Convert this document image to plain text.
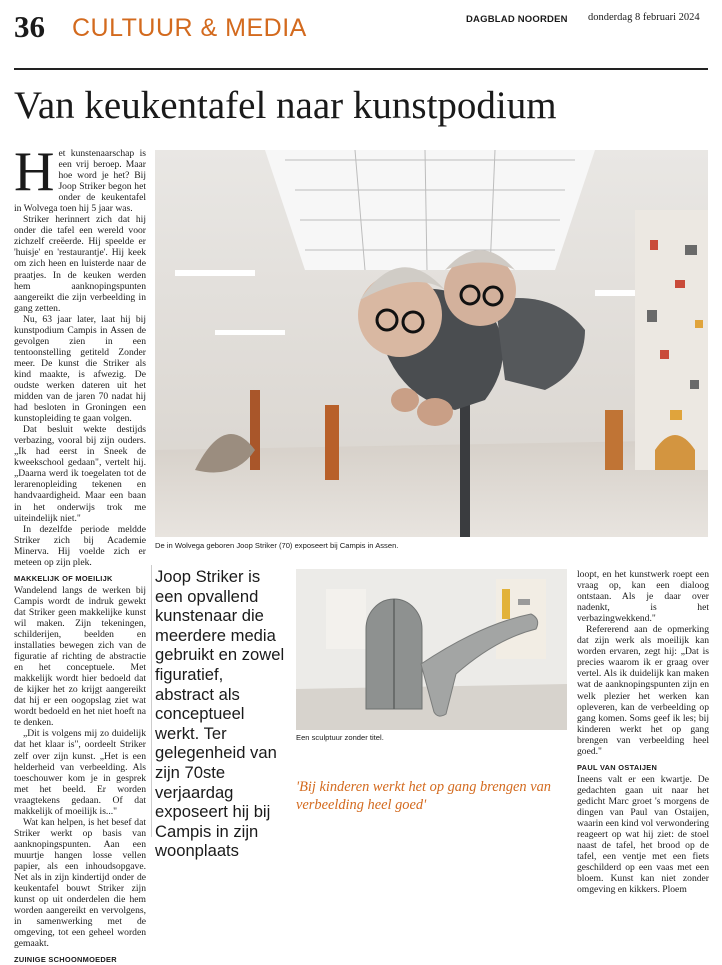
36 CULTUUR & MEDIA	DAGBLAD NOORDEN donderdag 8 februari 2024
Van keukentafel naar kunstpodium
H et kunstenaarschap is een vrij beroep. Maar hoe word je het? Bij Joop Striker begon het onder de keukentafel in Wolvega toen hij 5 jaar was.

Striker herinnert zich dat hij onder die tafel een wereld voor zichzelf creëerde. Hij speelde er 'huisje' en 'restaurantje'. Hij keek om zich heen en luisterde naar de praatjes. In de keuken werden hem aanknopingspunten aangereikt die zijn verbeelding in gang zetten.

Nu, 63 jaar later, laat hij bij kunstpodium Campis in Assen de gevolgen zien in een tentoonstelling getiteld Zonder meer. De kunst die Striker als kind maakte, is afwezig. De oudste werken dateren uit het midden van de jaren 70 nadat hij had besloten in Groningen een kunstopleiding te gaan volgen.

Dat besluit wekte destijds verbazing, vooral bij zijn ouders. „Ik had eerst in Sneek de kweekschool gedaan", vertelt hij. „Daarna werd ik toegelaten tot de lerarenopleiding tekenen en handvaardigheid. Maar een baan in het onderwijs trok me uiteindelijk niet."

In dezelfde periode meldde Striker zich bij Academie Minerva. Hij voelde zich er meteen op zijn plek.

MAKKELIJK OF MOEILIJK

Wandelend langs de werken bij Campis wordt de indruk gewekt dat Striker geen makkelijke kunst wil maken. Zijn tekeningen, schilderijen, beelden en installaties bewegen zich van de figuratie af richting de abstractie en het conceptuele. Met makkelijk wordt hier bedoeld dat de kijker het zo krijgt aangereikt dat hij er een oogopslag ziet wat wordt bedoeld en het niet hoeft na te denken.

„Dit is volgens mij zo duidelijk dat het klaar is", oordeelt Striker zelf over zijn kunst. „Het is een helderheid van verbeelding. Als toeschouwer kom je in gesprek met het beeld. Er worden vraagtekens gedaan. Of dat makkelijk of moeilijk is..."

Wat kan helpen, is het besef dat Striker werkt op basis van aanknopingspunten. Aan een muurtje hangen losse vellen papier, als een inhoudsopgave. Net als in zijn kindertijd onder de keukentafel bouwt Striker zijn kunst op uit onderdelen die hem worden aangereikt en vervolgens, in samenwerking met de omgeving, tot een geheel worden gemaakt.

ZUINIGE SCHOONMOEDER
De in Wolvega geboren Joop Striker (70) exposeert bij Campis in Assen.
Joop Striker is een opvallend kunstenaar die meerdere media gebruikt en zowel figuratief, abstract als conceptueel werkt. Ter gelegenheid van zijn 70ste verjaardag exposeert hij bij Campis in zijn woonplaats
Een sculptuur zonder titel.
'Bij kinderen werkt het op gang brengen van verbeelding heel goed'

loopt, en het kunstwerk roept een vraag op, kan een dialoog ontstaan. Als je daar over nadenkt, is het verbazingwekkend."

Refererend aan de opmerking dat zijn werk als moeilijk kan worden ervaren, zegt hij: „Dat is precies waarom ik er graag over vertel. Als ik duidelijk kan maken wat de aanknopingspunten zijn en welk plezier het werken kan opleveren, kan de verbeelding op gang komen. Soms geef ik les; bij kinderen werkt het op gang brengen van verbeelding heel goed."

PAUL VAN OSTAIJEN

Ineens valt er een kwartje. De gedachten gaan uit naar het gedicht Marc groet 's morgens de dingen van Paul van Ostaijen, waarin een kind vol verwondering reageert op wat hij ziet: de stoel naast de tafel, het brood op de tafel, een ventje met een fiets geschilderd op een vaas met een bloem. Kunst kan niet zonder omgeving en kikkers. Ploem
